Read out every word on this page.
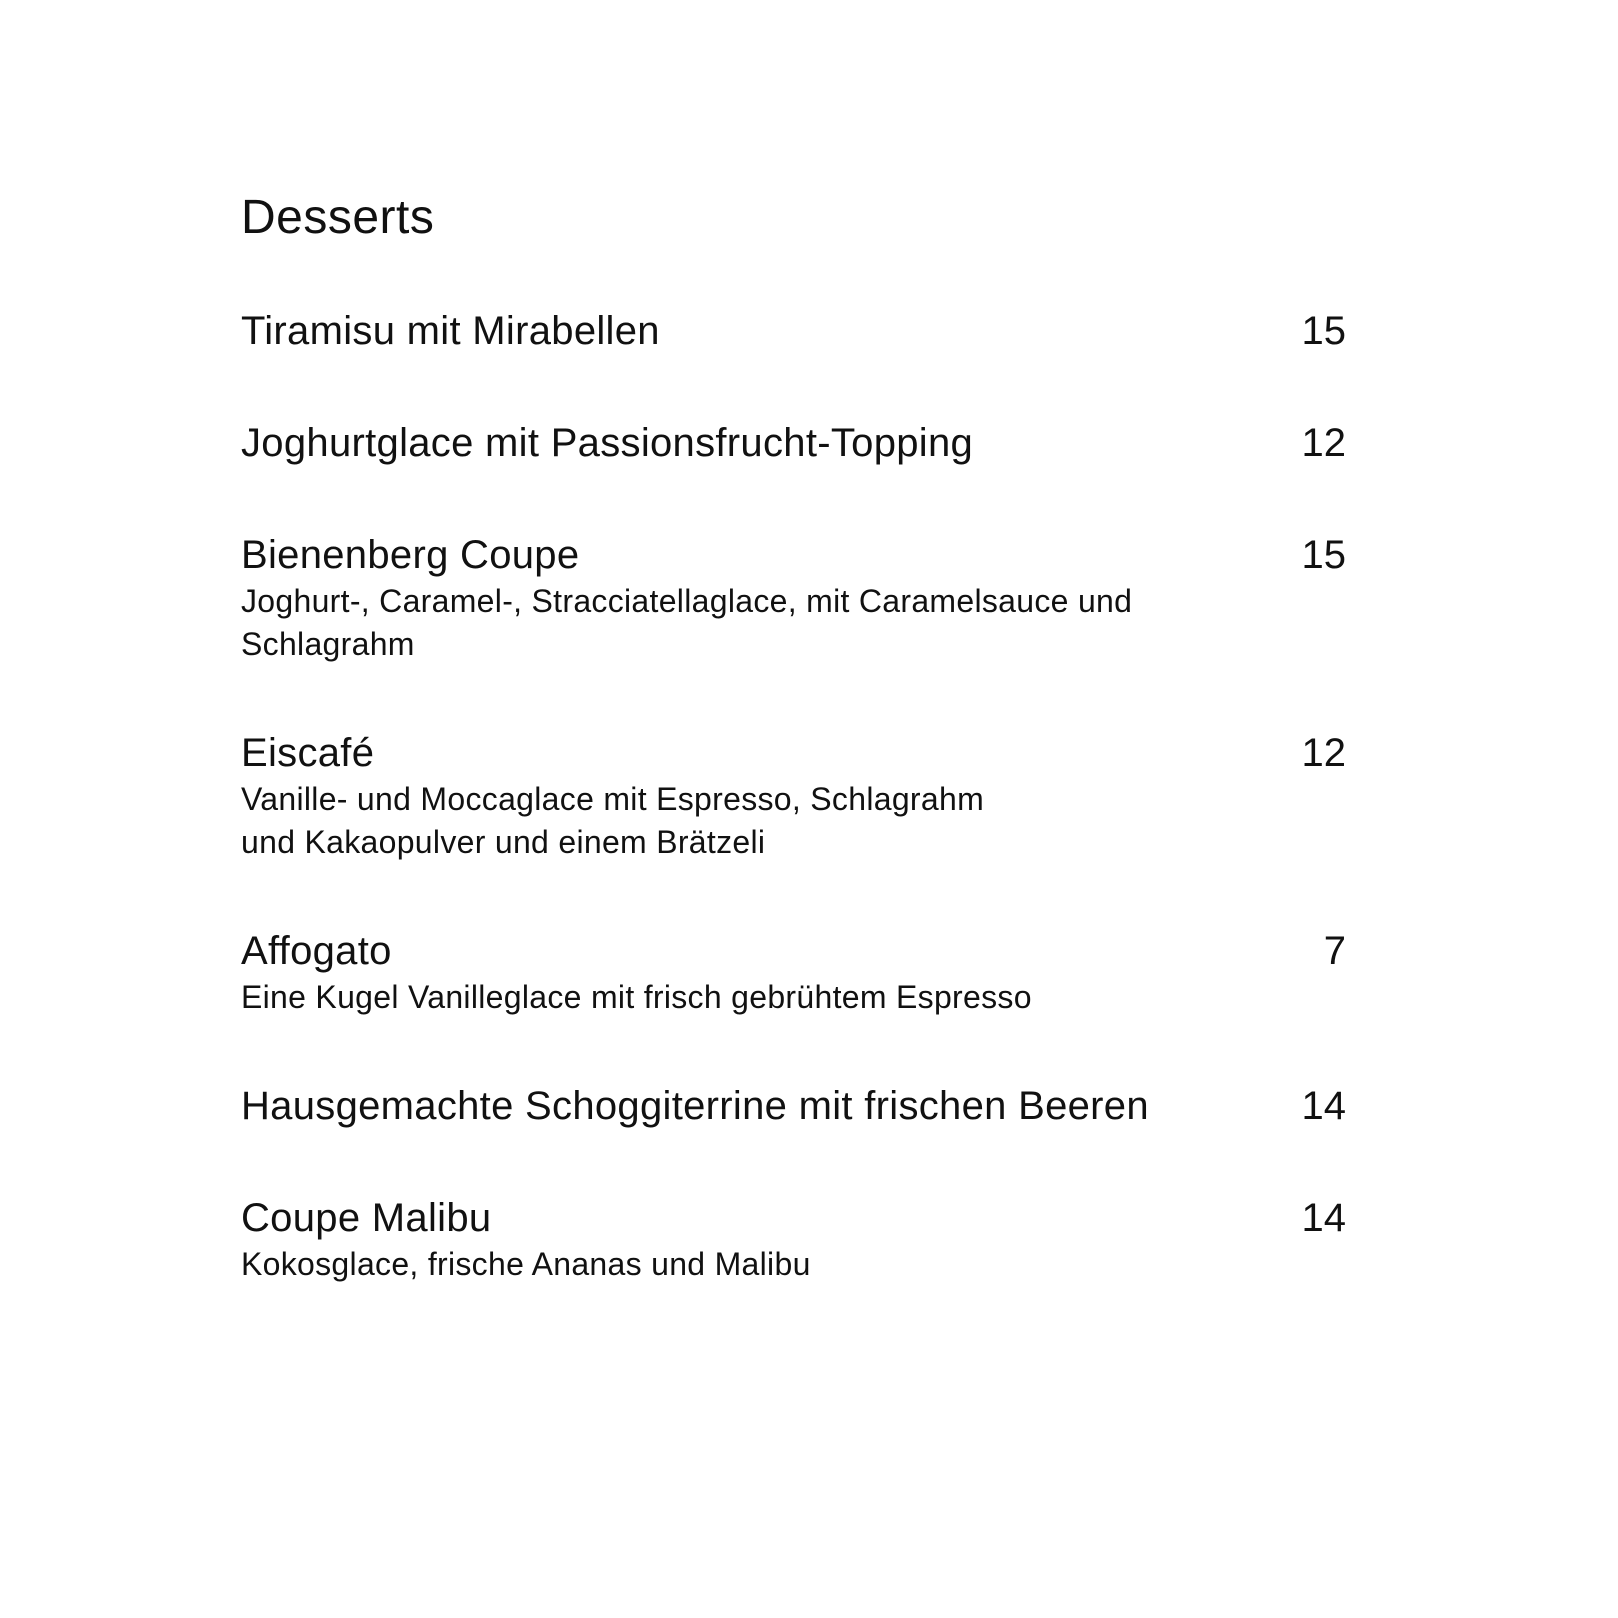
Desserts
Tiramisu mit Mirabellen	15
Joghurtglace mit Passionsfrucht-Topping	12
Bienenberg Coupe	15
Joghurt-, Caramel-, Stracciatellaglace, mit Caramelsauce und
Schlagrahm
Eiscafé	12
Vanille- und Moccaglace mit Espresso, Schlagrahm
und Kakaopulver und einem Brätzeli
Affogato	7
Eine Kugel Vanilleglace mit frisch gebrühtem Espresso
Hausgemachte Schoggiterrine mit frischen Beeren	14
Coupe Malibu	14
Kokosglace, frische Ananas und Malibu
